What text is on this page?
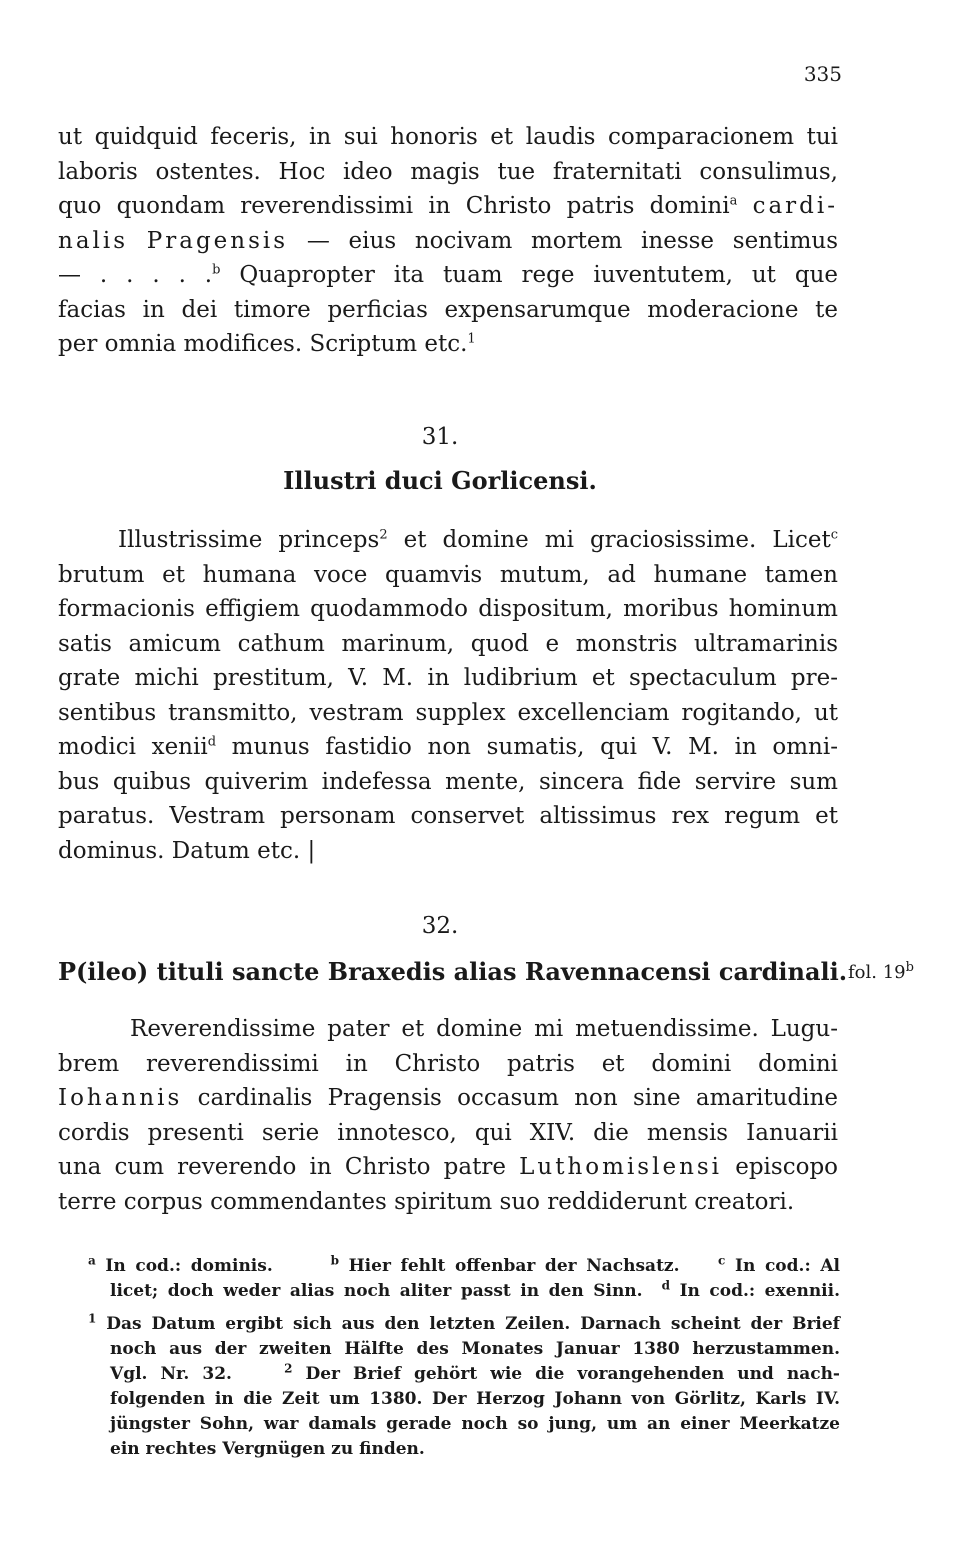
335
ut quidquid feceris, in sui honoris et laudis comparacionem tui
laboris ostentes. Hoc ideo magis tue fraternitati consulimus,
quo quondam reverendissimi in Christo patris domini$^a$ cardi-
nalis Pragensis — eius nocivam mortem inesse sentimus
— . . . . .$^b$ Quapropter ita tuam rege iuventutem, ut que
facias in dei timore perficias expensarumque moderacione te
per omnia modifices. Scriptum etc.$^1$
31.
Illustri duci Gorlicensi.
Illustrissime princeps$^2$ et domine mi graciosissime. Licet$^c$
brutum et humana voce quamvis mutum, ad humane tamen
formacionis effigiem quodammodo dispositum, moribus hominum
satis amicum cathum marinum, quod e monstris ultramarinis
grate michi prestitum, V. M. in ludibrium et spectaculum pre-
sentibus transmitto, vestram supplex excellenciam rogitando, ut
modici xenii$^d$ munus fastidio non sumatis, qui V. M. in omni-
bus quibus quiverim indefessa mente, sincera fide servire sum
paratus. Vestram personam conservet altissimus rex regum et
dominus. Datum etc. |
32.
P(ileo) tituli sancte Braxedis alias Ravennacensi cardinali. fol. 19$^b$
Reverendissime pater et domine mi metuendissime. Lugu-
brem reverendissimi in Christo patris et domini domini
Iohannis cardinalis Pragensis occasum non sine amaritudine
cordis presenti serie innotesco, qui XIV. die mensis Ianuarii
una cum reverendo in Christo patre Luthomislensi episcopo
terre corpus commendantes spiritum suo reddiderunt creatori.
$^a$ In cod.: dominis.	$^b$ Hier fehlt offenbar der Nachsatz.	$^c$ In cod.: Al
licet; doch weder alias noch aliter passt in den Sinn. $^d$ In cod.: exennii.
$^1$ Das Datum ergibt sich aus den letzten Zeilen. Darnach scheint der Brief
noch aus der zweiten Hälfte des Monates Januar 1380 herzustammen.
Vgl. Nr. 32.	$^2$ Der Brief gehört wie die vorangehenden und nach-
folgenden in die Zeit um 1380. Der Herzog Johann von Görlitz, Karls IV.
jüngster Sohn, war damals gerade noch so jung, um an einer Meerkatze
ein rechtes Vergnügen zu finden.
